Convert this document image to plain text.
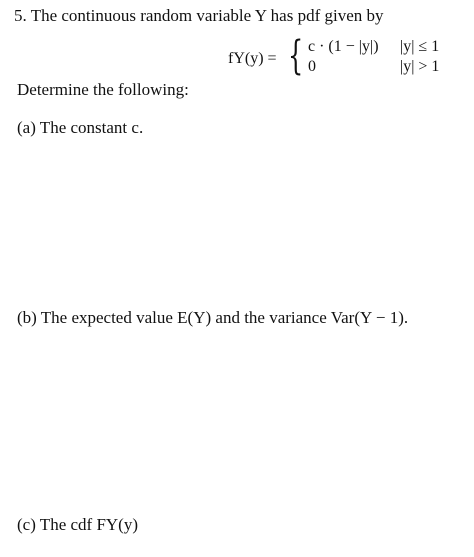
5. The continuous random variable Y has pdf given by
fY(y) = { c · (1 − |y|) |y| ≤ 1
0	|y| > 1
Determine the following:
(a) The constant c.
(b) The expected value E(Y) and the variance Var(Y − 1).
(c) The cdf FY(y)
